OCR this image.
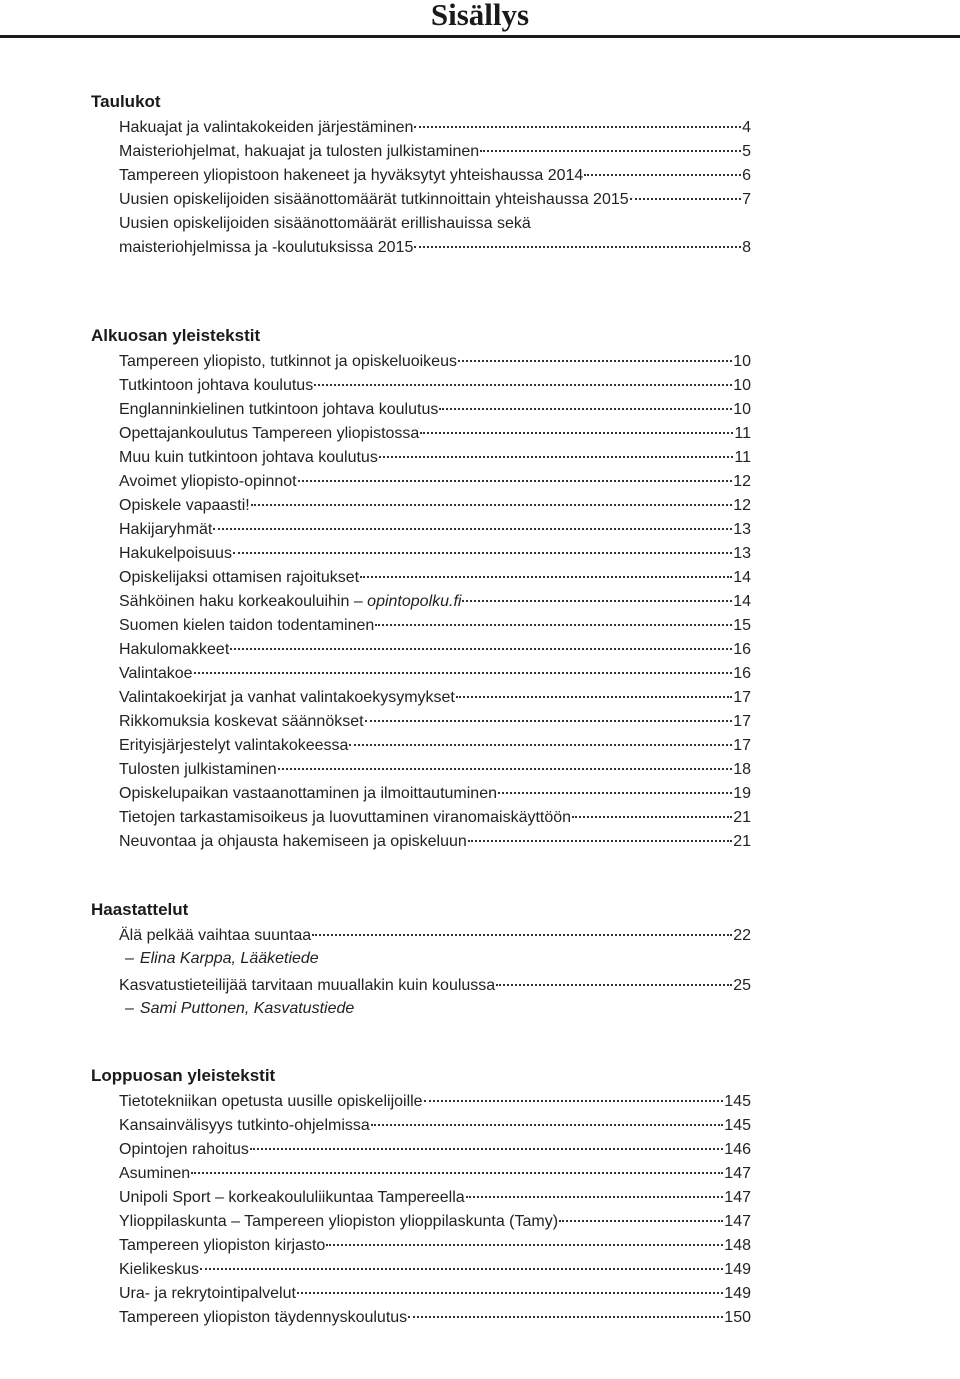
Sisällys
Taulukot
Hakuajat ja valintakokeiden järjestäminen	4
Maisteriohjelmat, hakuajat ja tulosten julkistaminen	5
Tampereen yliopistoon hakeneet ja hyväksytyt yhteishaussa 2014	6
Uusien opiskelijoiden sisäänottomäärät tutkinnoittain yhteishaussa 2015	7
Uusien opiskelijoiden sisäänottomäärät erillishauissa sekä
maisteriohjelmissa ja -koulutuksissa 2015	8
Alkuosan yleistekstit
Tampereen yliopisto, tutkinnot ja opiskeluoikeus	10
Tutkintoon johtava koulutus	10
Englanninkielinen tutkintoon johtava koulutus	10
Opettajankoulutus Tampereen yliopistossa	11
Muu kuin tutkintoon johtava koulutus	11
Avoimet yliopisto-opinnot	12
Opiskele vapaasti!	12
Hakijaryhmät	13
Hakukelpoisuus	13
Opiskelijaksi ottamisen rajoitukset	14
Sähköinen haku korkeakouluihin – opintopolku.fi	14
Suomen kielen taidon todentaminen	15
Hakulomakkeet	16
Valintakoe	16
Valintakoekirjat ja vanhat valintakoekysymykset	17
Rikkomuksia koskevat säännökset	17
Erityisjärjestelyt valintakokeessa	17
Tulosten julkistaminen	18
Opiskelupaikan vastaanottaminen ja ilmoittautuminen	19
Tietojen tarkastamisoikeus ja luovuttaminen viranomaiskäyttöön	21
Neuvontaa ja ohjausta hakemiseen ja opiskeluun	21
Haastattelut
Älä pelkää vaihtaa suuntaa	22
– Elina Karppa, Lääketiede
Kasvatustieteilijää tarvitaan muuallakin kuin koulussa	25
– Sami Puttonen, Kasvatustiede
Loppuosan yleistekstit
Tietotekniikan opetusta uusille opiskelijoille	145
Kansainvälisyys tutkinto-ohjelmissa	145
Opintojen rahoitus	146
Asuminen	147
Unipoli Sport – korkeakoululiikuntaa Tampereella	147
Ylioppilaskunta – Tampereen yliopiston ylioppilaskunta (Tamy)	147
Tampereen yliopiston kirjasto	148
Kielikeskus	149
Ura- ja rekrytointipalvelut	149
Tampereen yliopiston täydennyskoulutus	150
